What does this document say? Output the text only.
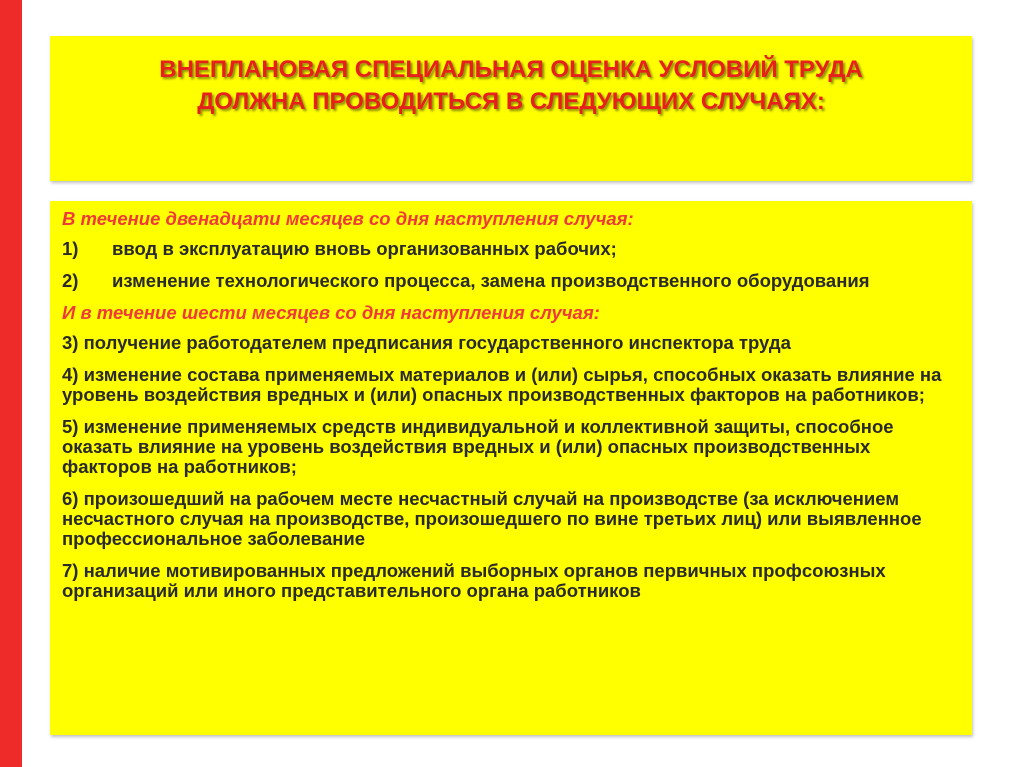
ВНЕПЛАНОВАЯ СПЕЦИАЛЬНАЯ ОЦЕНКА УСЛОВИЙ ТРУДА
ДОЛЖНА ПРОВОДИТЬСЯ В СЛЕДУЮЩИХ СЛУЧАЯХ:
В течение двенадцати месяцев со дня наступления случая:
1)	ввод в эксплуатацию вновь организованных рабочих;
2)	изменение технологического процесса, замена производственного оборудования
И в течение шести месяцев со дня наступления случая:
3) получение работодателем предписания государственного инспектора труда
4) изменение состава применяемых материалов и (или) сырья, способных оказать влияние на уровень воздействия вредных и (или) опасных производственных факторов на работников;
5) изменение применяемых средств индивидуальной и коллективной защиты, способное оказать влияние на уровень воздействия вредных и (или) опасных производственных факторов на работников;
6) произошедший на рабочем месте несчастный случай на производстве (за исключением несчастного случая на производстве, произошедшего по вине третьих лиц) или выявленное профессиональное заболевание
7) наличие мотивированных предложений выборных органов первичных профсоюзных организаций или иного представительного органа работников
